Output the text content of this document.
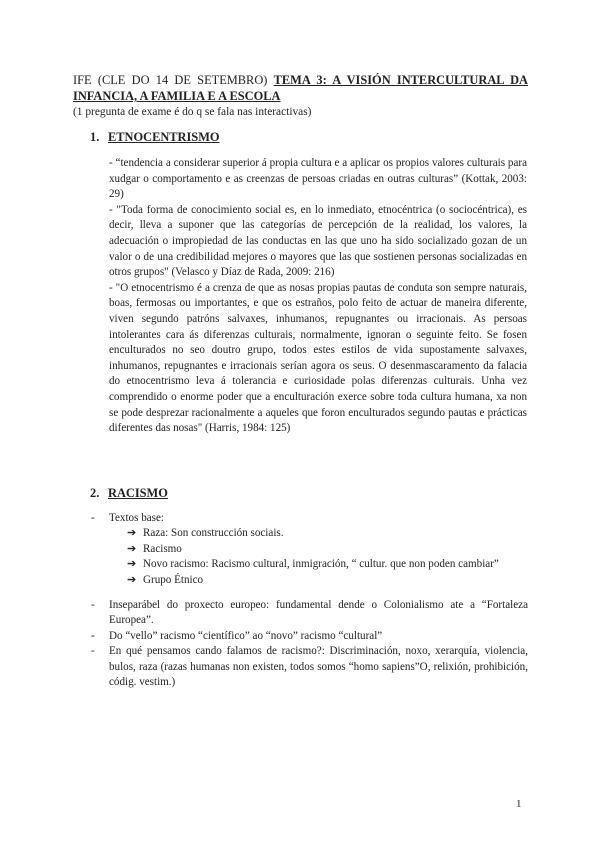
IFE (CLE DO 14 DE SETEMBRO) TEMA 3: A VISIÓN INTERCULTURAL DA INFANCIA, A FAMILIA E A ESCOLA
(1 pregunta de exame é do q se fala nas interactivas)
1. ETNOCENTRISMO

- “tendencia a considerar superior á propia cultura e a aplicar os propios valores culturais para xudgar o comportamento e as creenzas de persoas criadas en outras culturas” (Kottak, 2003: 29)

- "Toda forma de conocimiento social es, en lo inmediato, etnocéntrica (o sociocéntrica), es decir, lleva a suponer que las categorías de percepción de la realidad, los valores, la adecuación o impropiedad de las conductas en las que uno ha sido socializado gozan de un valor o de una credibilidad mejores o mayores que las que sostienen personas socializadas en otros grupos" (Velasco y Díaz de Rada, 2009: 216)

- "O etnocentrismo é a crenza de que as nosas propias pautas de conduta son sempre naturais, boas, fermosas ou importantes, e que os estraños, polo feito de actuar de maneira diferente, viven segundo patróns salvaxes, inhumanos, repugnantes ou irracionais. As persoas intolerantes cara ás diferenzas culturais, normalmente, ignoran o seguinte feito. Se fosen enculturados no seo doutro grupo, todos estes estilos de vida supostamente salvaxes, inhumanos, repugnantes e irracionais serían agora os seus. O desenmascaramento da falacia do etnocentrismo leva á tolerancia e curiosidade polas diferenzas culturais. Unha vez comprendido o enorme poder que a enculturación exerce sobre toda cultura humana, xa non se pode desprezar racionalmente a aqueles que foron enculturados segundo pautas e prácticas diferentes das nosas" (Harris, 1984: 125)

2. RACISMO
- Textos base:
➔ Raza: Son construcción sociais.
➔ Racismo
➔ Novo racismo: Racismo cultural, inmigración, “ cultur. que non poden cambiar”
➔ Grupo Étnico
- Inseparábel do proxecto europeo: fundamental dende o Colonialismo ate a “Fortaleza Europea”.
- Do “vello” racismo “científico” ao “novo” racismo “cultural”
- En qué pensamos cando falamos de racismo?: Discriminación, noxo, xerarquía, violencia, bulos, raza (razas humanas non existen, todos somos “homo sapiens”O, relixión, prohibición, códig. vestim.)
1
